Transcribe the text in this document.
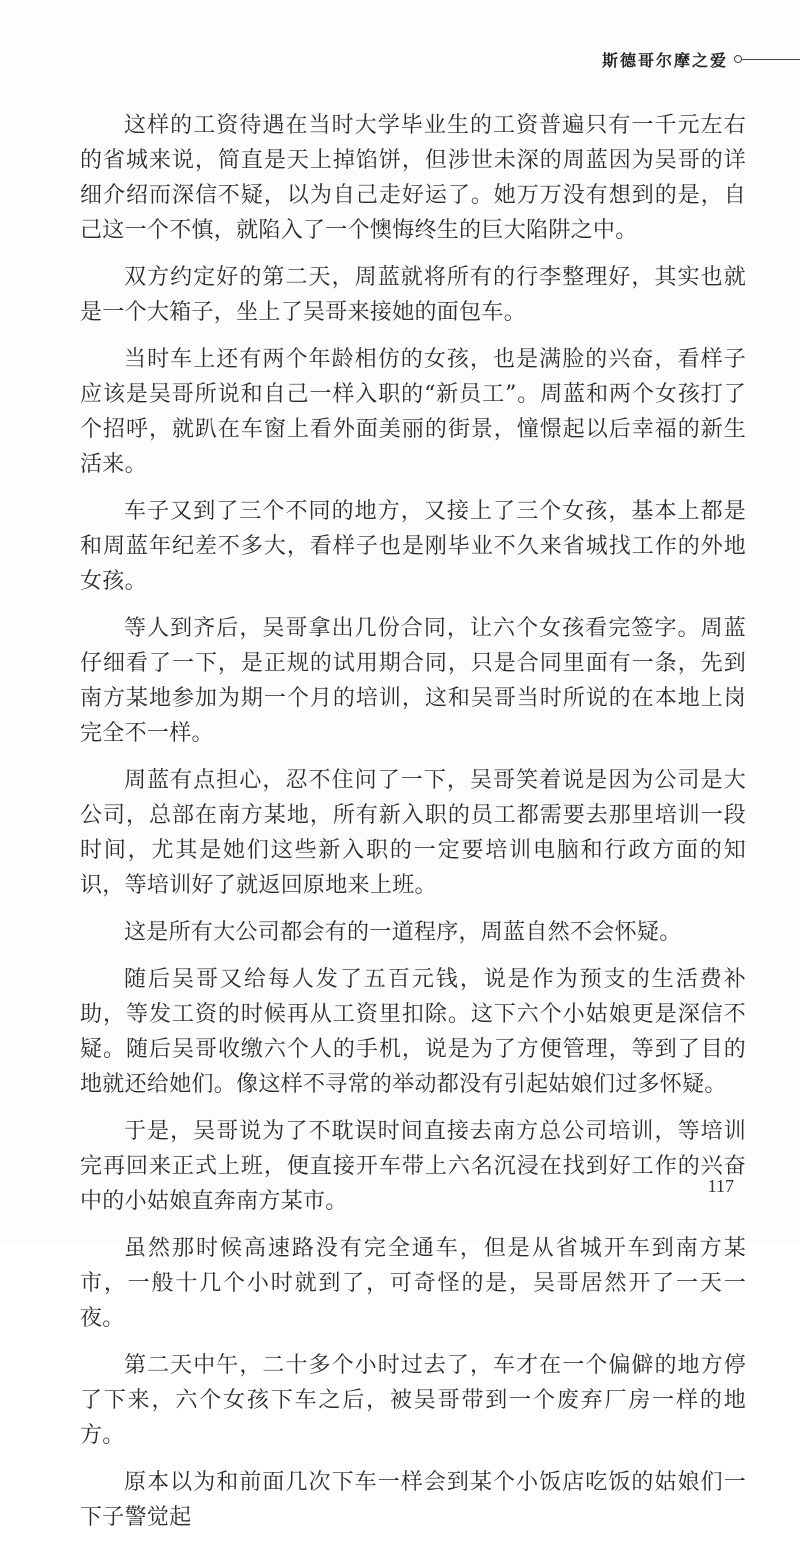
斯德哥尔摩之爱

这样的工资待遇在当时大学毕业生的工资普遍只有一千元左右的省城来说，简直是天上掉馅饼，但涉世未深的周蓝因为吴哥的详细介绍而深信不疑，以为自己走好运了。她万万没有想到的是，自己这一个不慎，就陷入了一个懊悔终生的巨大陷阱之中。

双方约定好的第二天，周蓝就将所有的行李整理好，其实也就是一个大箱子，坐上了吴哥来接她的面包车。

当时车上还有两个年龄相仿的女孩，也是满脸的兴奋，看样子应该是吴哥所说和自己一样入职的“新员工”。周蓝和两个女孩打了个招呼，就趴在车窗上看外面美丽的街景，憧憬起以后幸福的新生活来。

车子又到了三个不同的地方，又接上了三个女孩，基本上都是和周蓝年纪差不多大，看样子也是刚毕业不久来省城找工作的外地女孩。

等人到齐后，吴哥拿出几份合同，让六个女孩看完签字。周蓝仔细看了一下，是正规的试用期合同，只是合同里面有一条，先到南方某地参加为期一个月的培训，这和吴哥当时所说的在本地上岗完全不一样。

周蓝有点担心，忍不住问了一下，吴哥笑着说是因为公司是大公司，总部在南方某地，所有新入职的员工都需要去那里培训一段时间，尤其是她们这些新入职的一定要培训电脑和行政方面的知识，等培训好了就返回原地来上班。

这是所有大公司都会有的一道程序，周蓝自然不会怀疑。

随后吴哥又给每人发了五百元钱，说是作为预支的生活费补助，等发工资的时候再从工资里扣除。这下六个小姑娘更是深信不疑。随后吴哥收缴六个人的手机，说是为了方便管理，等到了目的地就还给她们。像这样不寻常的举动都没有引起姑娘们过多怀疑。

于是，吴哥说为了不耽误时间直接去南方总公司培训，等培训完再回来正式上班，便直接开车带上六名沉浸在找到好工作的兴奋中的小姑娘直奔南方某市。

虽然那时候高速路没有完全通车，但是从省城开车到南方某市，一般十几个小时就到了，可奇怪的是，吴哥居然开了一天一夜。

第二天中午，二十多个小时过去了，车才在一个偏僻的地方停了下来，六个女孩下车之后，被吴哥带到一个废弃厂房一样的地方。

原本以为和前面几次下车一样会到某个小饭店吃饭的姑娘们一下子警觉起

117
